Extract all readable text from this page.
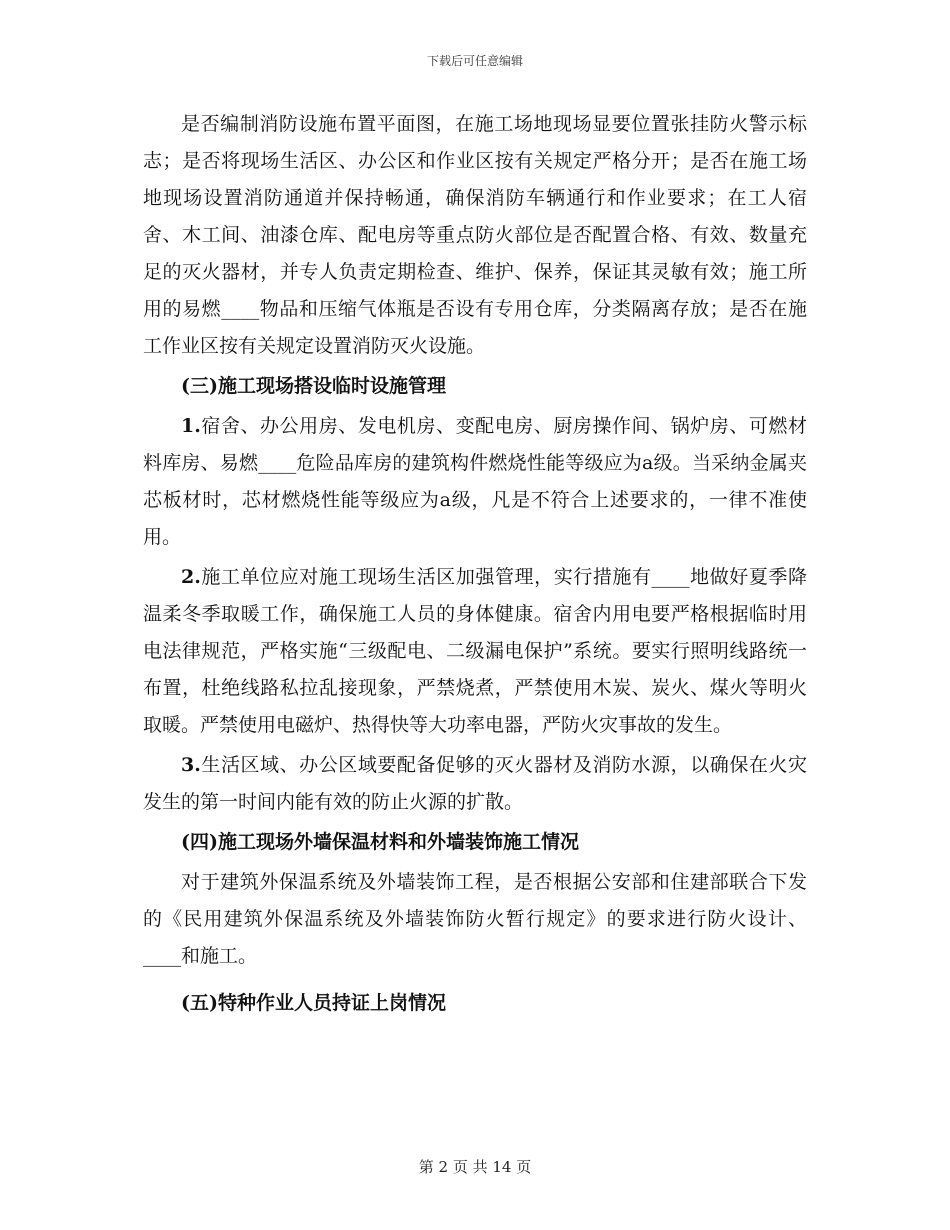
下载后可任意编辑

是否编制消防设施布置平面图，在施工场地现场显要位置张挂防火警示标志；是否将现场生活区、办公区和作业区按有关规定严格分开；是否在施工场地现场设置消防通道并保持畅通，确保消防车辆通行和作业要求；在工人宿舍、木工间、油漆仓库、配电房等重点防火部位是否配置合格、有效、数量充足的灭火器材，并专人负责定期检查、维护、保养，保证其灵敏有效；施工所用的易燃____物品和压缩气体瓶是否设有专用仓库，分类隔离存放；是否在施工作业区按有关规定设置消防灭火设施。

(三)施工现场搭设临时设施管理

1.宿舍、办公用房、发电机房、变配电房、厨房操作间、锅炉房、可燃材料库房、易燃____危险品库房的建筑构件燃烧性能等级应为a级。当采纳金属夹芯板材时，芯材燃烧性能等级应为a级，凡是不符合上述要求的，一律不准使用。

2.施工单位应对施工现场生活区加强管理，实行措施有____地做好夏季降温柔冬季取暖工作，确保施工人员的身体健康。宿舍内用电要严格根据临时用电法律规范，严格实施“三级配电、二级漏电保护”系统。要实行照明线路统一布置，杜绝线路私拉乱接现象，严禁烧煮，严禁使用木炭、炭火、煤火等明火取暖。严禁使用电磁炉、热得快等大功率电器，严防火灾事故的发生。

3.生活区域、办公区域要配备促够的灭火器材及消防水源，以确保在火灾发生的第一时间内能有效的防止火源的扩散。

(四)施工现场外墙保温材料和外墙装饰施工情况

对于建筑外保温系统及外墙装饰工程，是否根据公安部和住建部联合下发的《民用建筑外保温系统及外墙装饰防火暂行规定》的要求进行防火设计、____和施工。

(五)特种作业人员持证上岗情况
第 2 页 共 14 页
